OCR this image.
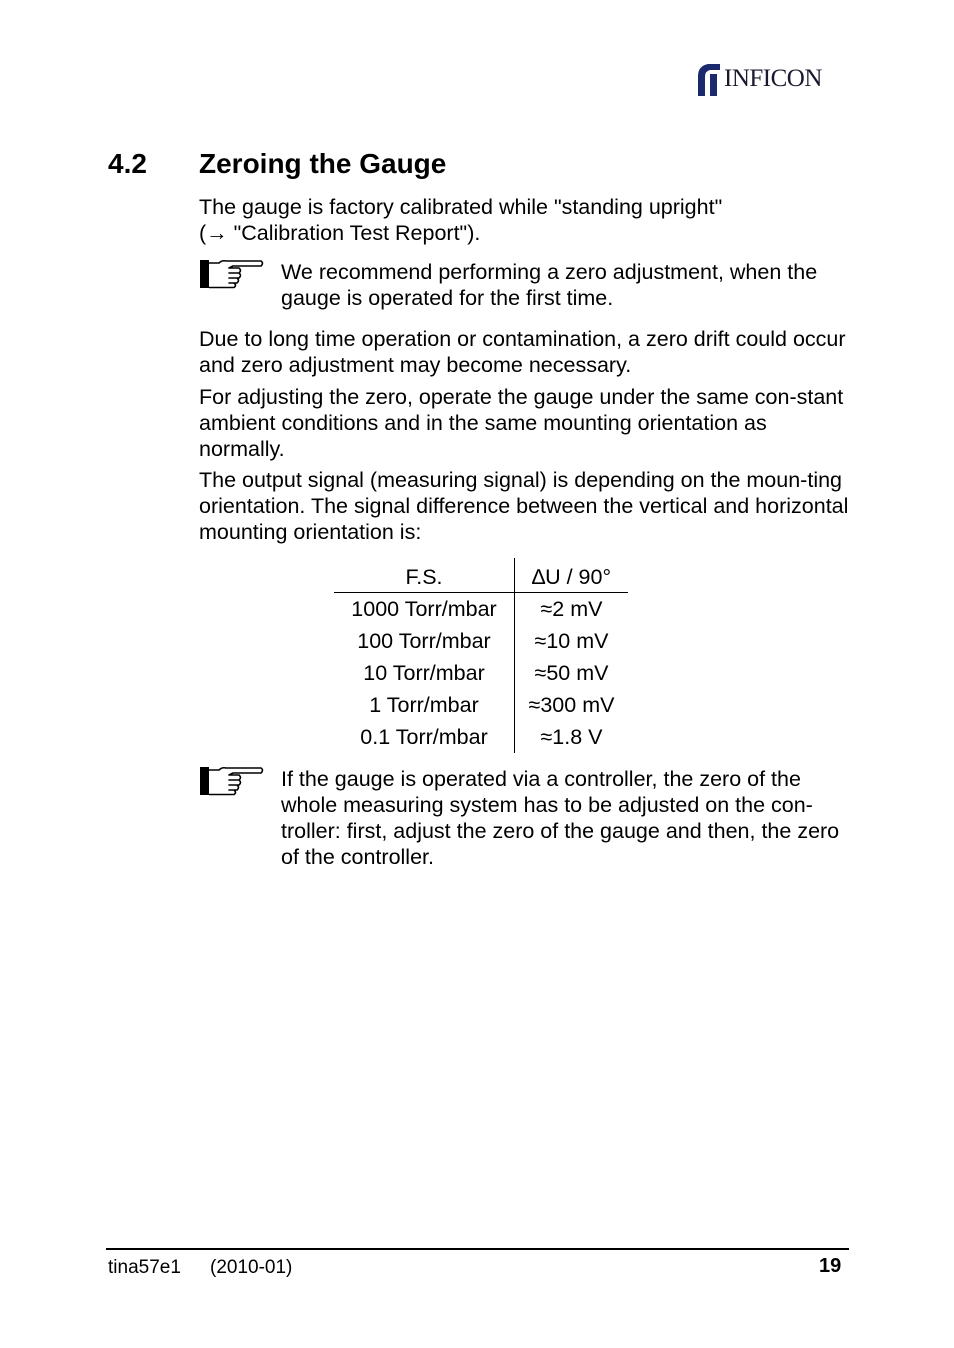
INFICON
4.2 Zeroing the Gauge

The gauge is factory calibrated while "standing upright"
(→ "Calibration Test Report").

We recommend performing a zero adjustment, when the gauge is operated for the first time.

Due to long time operation or contamination, a zero drift could occur and zero adjustment may become necessary.

For adjusting the zero, operate the gauge under the same con-stant ambient conditions and in the same mounting orientation as normally.

The output signal (measuring signal) is depending on the moun-ting orientation. The signal difference between the vertical and horizontal mounting orientation is:

F.S.	∆U / 90°
1000 Torr/mbar	≈2 mV
100 Torr/mbar	≈10 mV
10 Torr/mbar	≈50 mV
1 Torr/mbar	≈300 mV
0.1 Torr/mbar	≈1.8 V

If the gauge is operated via a controller, the zero of the whole measuring system has to be adjusted on the con-troller: first, adjust the zero of the gauge and then, the zero of the controller.

tina57e1 (2010-01)	19
